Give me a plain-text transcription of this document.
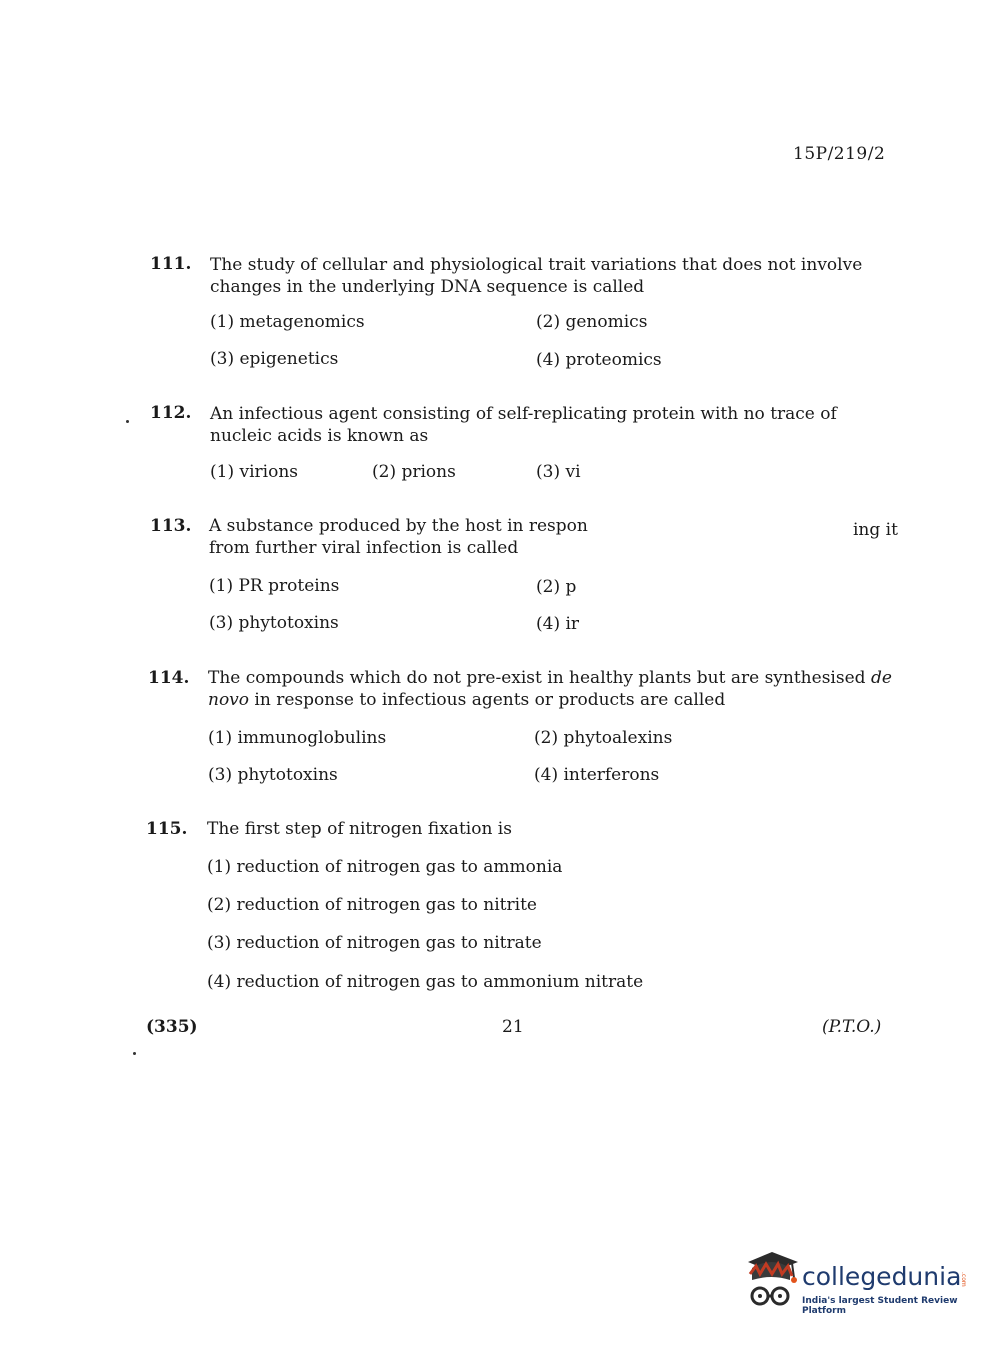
15P/219/2
111. The study of cellular and physiological trait variations that does not involve changes in the underlying DNA sequence is called
(1) metagenomics	(2) genomics
(3) epigenetics	(4) proteomics
112. An infectious agent consisting of self-replicating protein with no trace of nucleic acids is known as
(1) virions	(2) prions	(3) vi
113. A substance produced by the host in respon	ing it
from further viral infection is called
(1) PR proteins	(2) p
(3) phytotoxins	(4) ir
114. The compounds which do not pre-exist in healthy plants but are synthesised de
novo in response to infectious agents or products are called
(1) immunoglobulins	(2) phytoalexins
(3) phytotoxins	(4) interferons
115. The first step of nitrogen fixation is
(1) reduction of nitrogen gas to ammonia
(2) reduction of nitrogen gas to nitrite
(3) reduction of nitrogen gas to nitrate
(4) reduction of nitrogen gas to ammonium nitrate
(335)	21	(P.T.O.)
collegedunia
.com
India's largest Student Review Platform
